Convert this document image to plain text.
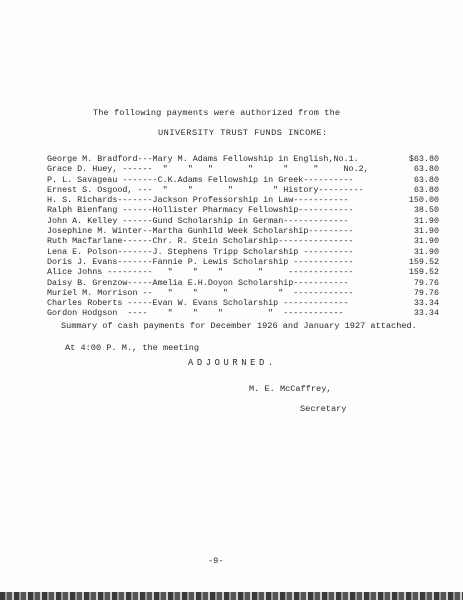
The following payments were authorized from the
UNIVERSITY TRUST FUNDS INCOME:
George M. Bradford---Mary M. Adams Fellowship in English,No.1.	$63.80
Grace D. Huey, ------  "    "   "       "      "     "     No.2,	63.80
P. L. Savageau -------C.K.Adams Fellowship in Greek----------	63.80
Ernest S. Osgood, ---  "    "       "        " History---------	63.80
H. S. Richards-------Jackson Professorship in Law-----------	150.00
Ralph Bienfang ------Hollister Pharmacy Fellowship-----------	38.50
John A. Kelley ------Gund Scholarship in German-------------	31.90
Josephine M. Winter--Martha Gunhild Week Scholarship---------	31.90
Ruth Macfarlane------Chr. R. Stein Scholarship---------------	31.90
Lena E. Polson-------J. Stephens Tripp Scholarship ----------	31.90
Doris J. Evans-------Fannie P. Lewis Scholarship ------------	159.52
Alice Johns ---------   "    "    "       "     -------------	159.52
Daisy B. Grenzow-----Amelia E.H.Doyon Scholarship-----------	79.76
Muriel M. Morrison --   "    "     "          "  ------------	79.76
Charles Roberts -----Evan W. Evans Scholarship -------------	33.34
Gordon Hodgson  ----    "    "    "         "  ------------	33.34
Summary of cash payments for December 1926 and January 1927 attached.
At 4:00 P. M., the meeting
ADJOURNED.
M. E. McCaffrey,
Secretary
-9-
